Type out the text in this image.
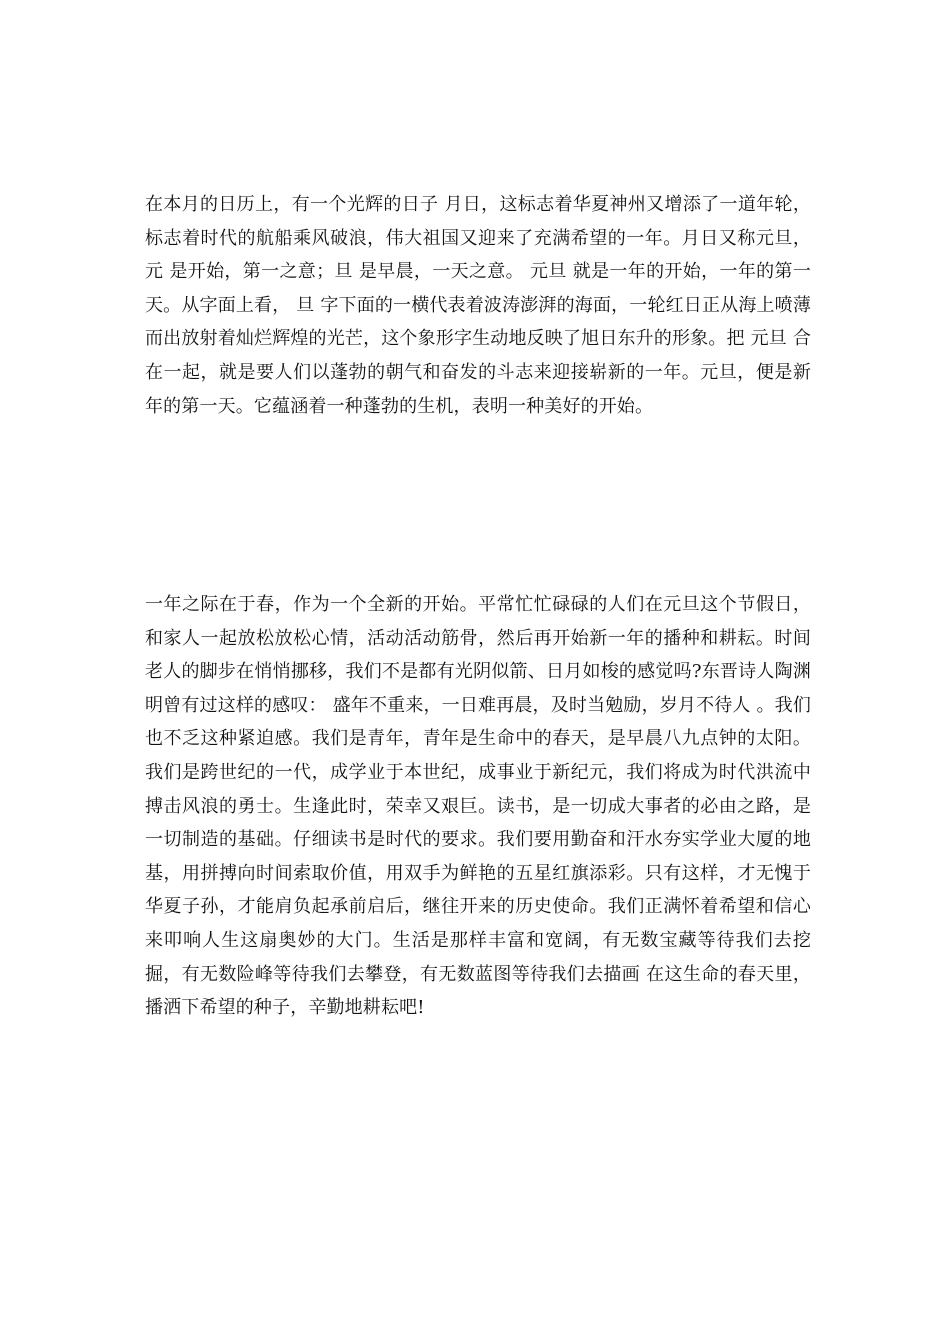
在本月的日历上，有一个光辉的日子 月日，这标志着华夏神州又增添了一道年轮，标志着时代的航船乘风破浪，伟大祖国又迎来了充满希望的一年。月日又称元旦， 元 是开始，第一之意；旦 是早晨，一天之意。 元旦 就是一年的开始，一年的第一天。从字面上看， 旦 字下面的一横代表着波涛澎湃的海面，一轮红日正从海上喷薄而出放射着灿烂辉煌的光芒，这个象形字生动地反映了旭日东升的形象。把 元旦 合在一起，就是要人们以蓬勃的朝气和奋发的斗志来迎接崭新的一年。元旦，便是新年的第一天。它蕴涵着一种蓬勃的生机，表明一种美好的开始。

一年之际在于春，作为一个全新的开始。平常忙忙碌碌的人们在元旦这个节假日，和家人一起放松放松心情，活动活动筋骨，然后再开始新一年的播种和耕耘。时间老人的脚步在悄悄挪移，我们不是都有光阴似箭、日月如梭的感觉吗?东晋诗人陶渊明曾有过这样的感叹： 盛年不重来，一日难再晨，及时当勉励，岁月不待人 。我们也不乏这种紧迫感。我们是青年，青年是生命中的春天，是早晨八九点钟的太阳。我们是跨世纪的一代，成学业于本世纪，成事业于新纪元，我们将成为时代洪流中搏击风浪的勇士。生逢此时，荣幸又艰巨。读书，是一切成大事者的必由之路，是一切制造的基础。仔细读书是时代的要求。我们要用勤奋和汗水夯实学业大厦的地基，用拼搏向时间索取价值，用双手为鲜艳的五星红旗添彩。只有这样，才无愧于华夏子孙，才能肩负起承前启后，继往开来的历史使命。我们正满怀着希望和信心来叩响人生这扇奥妙的大门。生活是那样丰富和宽阔，有无数宝藏等待我们去挖掘，有无数险峰等待我们去攀登，有无数蓝图等待我们去描画 在这生命的春天里，播洒下希望的种子，辛勤地耕耘吧!
